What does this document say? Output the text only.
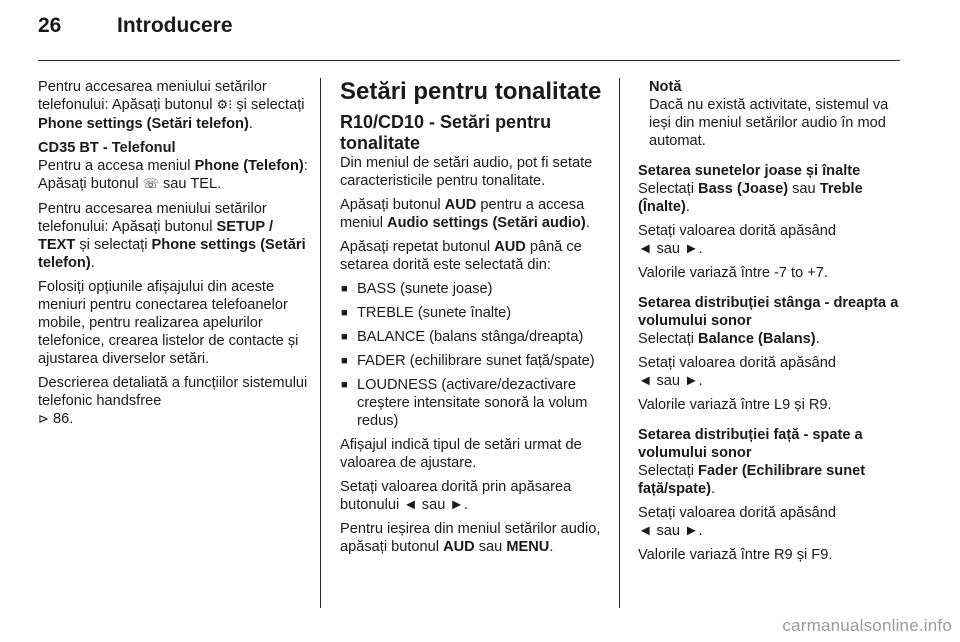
26	Introducere

Pentru accesarea meniului setărilor telefonului: Apăsați butonul ⚙⁝ și selectați Phone settings (Setări telefon).

CD35 BT - Telefonul

Pentru a accesa meniul Phone (Telefon): Apăsați butonul ☏ sau TEL.

Pentru accesarea meniului setărilor telefonului: Apăsați butonul SETUP / TEXT și selectați Phone settings (Setări telefon).

Folosiți opțiunile afișajului din aceste meniuri pentru conectarea telefoanelor mobile, pentru realizarea apelurilor telefonice, crearea listelor de contacte și ajustarea diverselor setări.

Descrierea detaliată a funcțiilor sistemului telefonic handsfree
⊳ 86.

Setări pentru tonalitate
R10/CD10 - Setări pentru tonalitate

Din meniul de setări audio, pot fi setate caracteristicile pentru tonalitate.

Apăsați butonul AUD pentru a accesa meniul Audio settings (Setări audio).

Apăsați repetat butonul AUD până ce setarea dorită este selectată din:

■ BASS (sunete joase)
■ TREBLE (sunete înalte)
■ BALANCE (balans stânga/dreapta)
■ FADER (echilibrare sunet față/spate)
■ LOUDNESS (activare/dezactivare creștere intensitate sonoră la volum redus)

Afișajul indică tipul de setări urmat de valoarea de ajustare.

Setați valoarea dorită prin apăsarea butonului ◄ sau ►.

Pentru ieșirea din meniul setărilor audio, apăsați butonul AUD sau MENU.

Notă
Dacă nu există activitate, sistemul va ieși din meniul setărilor audio în mod automat.

Setarea sunetelor joase și înalte

Selectați Bass (Joase) sau Treble (Înalte).

Setați valoarea dorită apăsând
◄ sau ►.

Valorile variază între -7 to +7.

Setarea distribuției stânga - dreapta a volumului sonor

Selectați Balance (Balans).

Setați valoarea dorită apăsând
◄ sau ►.

Valorile variază între L9 și R9.

Setarea distribuției față - spate a volumului sonor

Selectați Fader (Echilibrare sunet față/spate).

Setați valoarea dorită apăsând
◄ sau ►.

Valorile variază între R9 și F9.

carmanualsonline.info
